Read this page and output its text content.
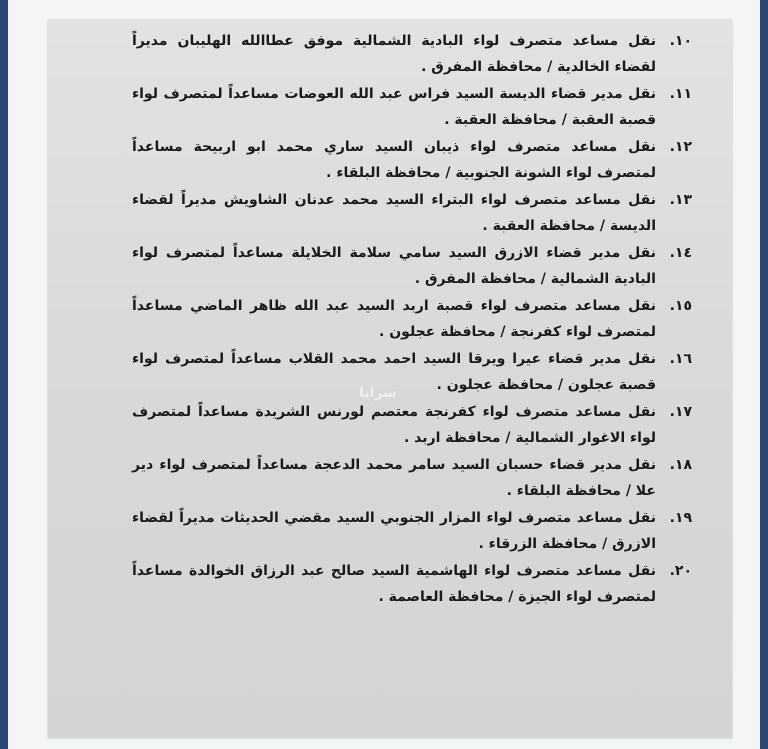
١٠.
نقل مساعد متصرف لواء البادية الشمالية موفق عطاالله الهليبان مديراً لقضاء الخالدية / محافظة المفرق .
١١.
نقل مدير قضاء الديسة السيد فراس عبد الله العوضات مساعداً لمتصرف لواء قصبة العقبة / محافظة العقبة .
١٢.
نقل مساعد متصرف لواء ذيبان السيد ساري محمد ابو اربيحة مساعداً لمتصرف لواء الشونة الجنوبية / محافظة البلقاء .
١٣.
نقل مساعد متصرف لواء البتراء السيد محمد عدنان الشاويش مديراً لقضاء الديسة / محافظة العقبة .
١٤.
نقل مدير قضاء الازرق السيد سامي سلامة الخلايلة مساعداً لمتصرف لواء البادية الشمالية / محافظة المفرق .
١٥.
نقل مساعد متصرف لواء قصبة اربد السيد عبد الله ظاهر الماضي مساعداً لمتصرف لواء كفرنجة / محافظة عجلون .
١٦.
نقل مدير قضاء عيرا ويرقا السيد احمد محمد القلاب مساعداً لمتصرف لواء قصبة عجلون / محافظة عجلون .
١٧.
نقل مساعد متصرف لواء كفرنجة معتصم لورنس الشريدة مساعداً لمتصرف لواء الاغوار الشمالية / محافظة اربد .
١٨.
نقل مدير قضاء حسبان السيد سامر محمد الدعجة مساعداً لمتصرف لواء دير علا / محافظة البلقاء .
١٩.
نقل مساعد متصرف لواء المزار الجنوبي السيد مقضي الحديثات مديراً لقضاء الازرق / محافظة الزرقاء .
٢٠.
نقل مساعد متصرف لواء الهاشمية السيد صالح عبد الرزاق الخوالدة مساعداً لمتصرف لواء الجيزة / محافظة العاصمة .
سرايا
